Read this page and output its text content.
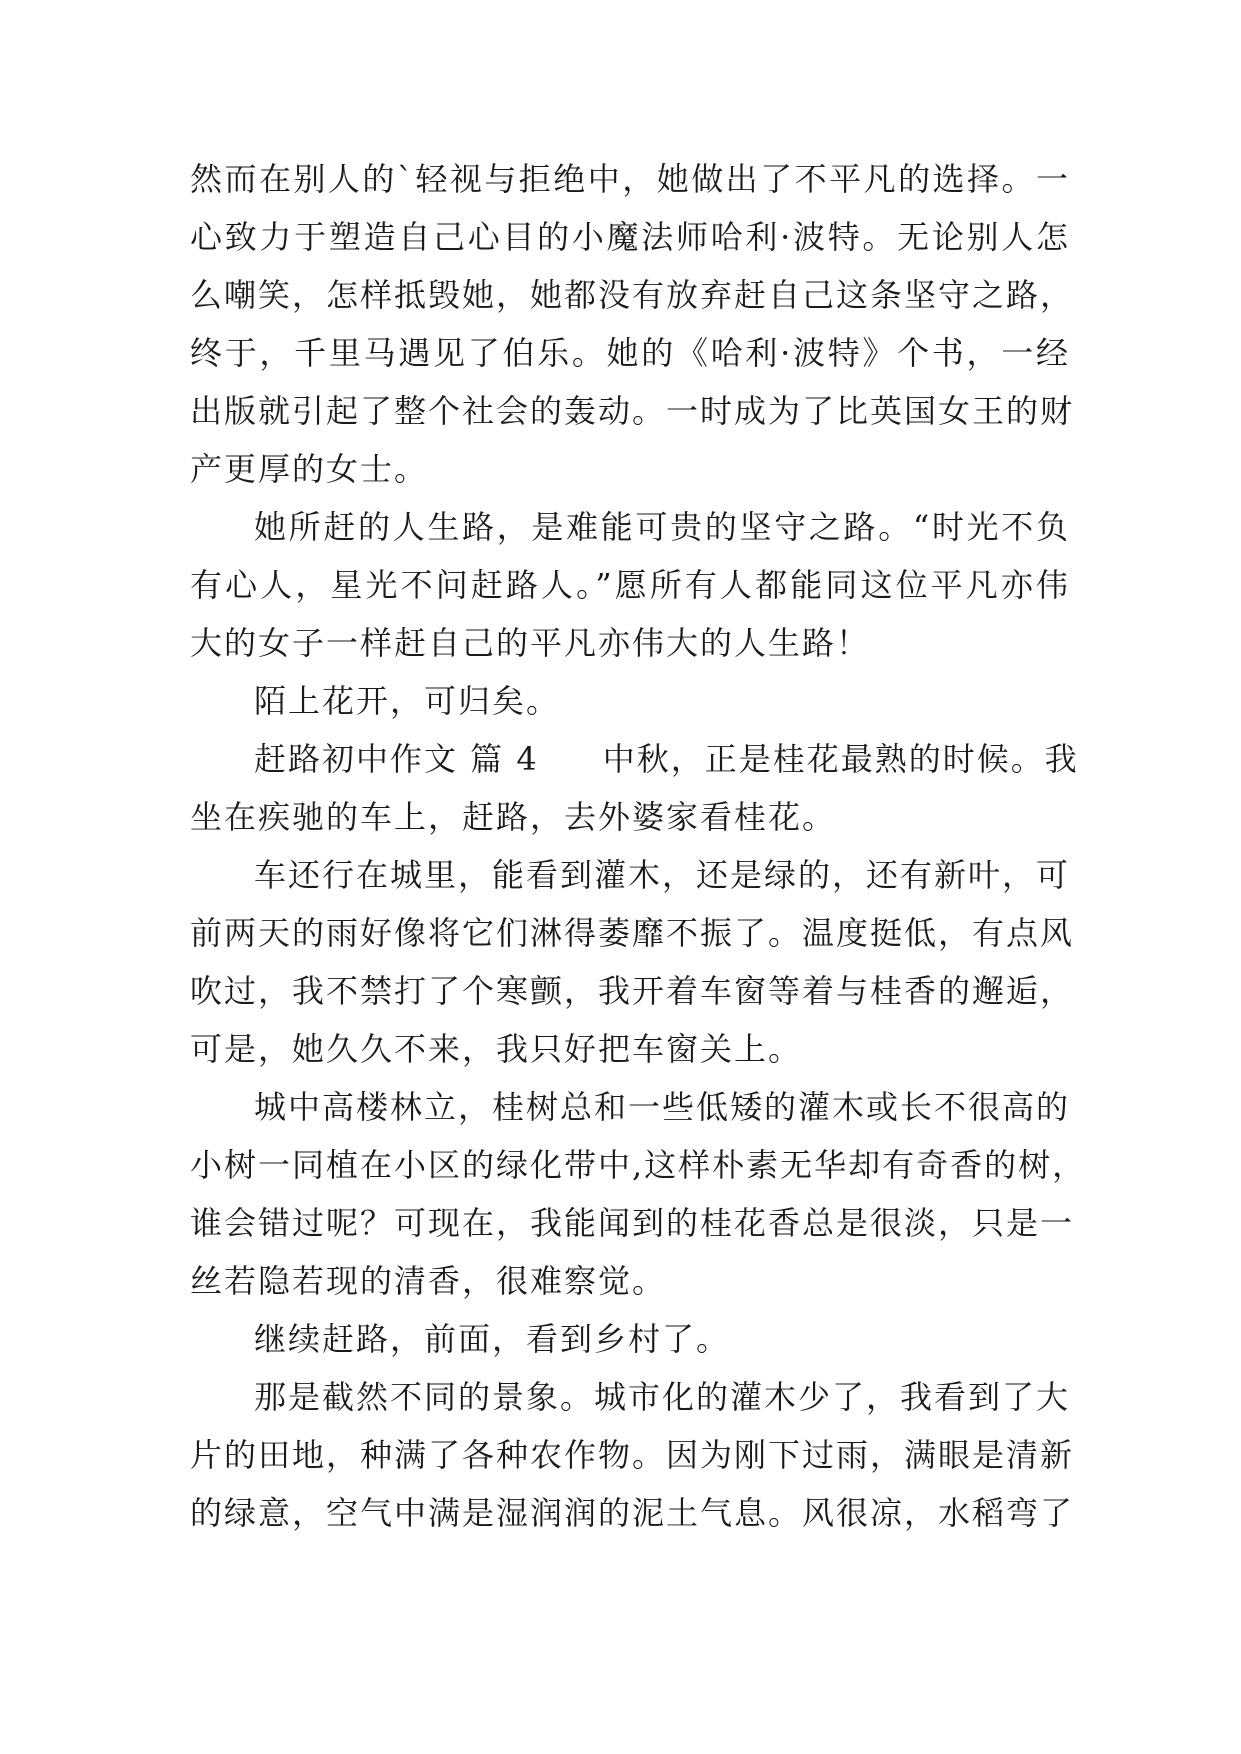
然而在别人的`轻视与拒绝中，她做出了不平凡的选择。一
心致力于塑造自己心目的小魔法师哈利·波特。无论别人怎
么嘲笑，怎样抵毁她，她都没有放弃赶自己这条坚守之路，
终于，千里马遇见了伯乐。她的《哈利·波特》个书，一经
出版就引起了整个社会的轰动。一时成为了比英国女王的财
产更厚的女士。
她所赶的人生路，是难能可贵的坚守之路。“时光不负
有心人，星光不问赶路人。”愿所有人都能同这位平凡亦伟
大的女子一样赶自己的平凡亦伟大的人生路！
陌上花开，可归矣。
赶路初中作文 篇 4 中秋，正是桂花最熟的时候。我
坐在疾驰的车上，赶路，去外婆家看桂花。
车还行在城里，能看到灌木，还是绿的，还有新叶，可
前两天的雨好像将它们淋得萎靡不振了。温度挺低，有点风
吹过，我不禁打了个寒颤，我开着车窗等着与桂香的邂逅，
可是，她久久不来，我只好把车窗关上。
城中高楼林立，桂树总和一些低矮的灌木或长不很高的
小树一同植在小区的绿化带中,这样朴素无华却有奇香的树，
谁会错过呢？可现在，我能闻到的桂花香总是很淡，只是一
丝若隐若现的清香，很难察觉。
继续赶路，前面，看到乡村了。
那是截然不同的景象。城市化的灌木少了，我看到了大
片的田地，种满了各种农作物。因为刚下过雨，满眼是清新
的绿意，空气中满是湿润润的泥土气息。风很凉，水稻弯了
